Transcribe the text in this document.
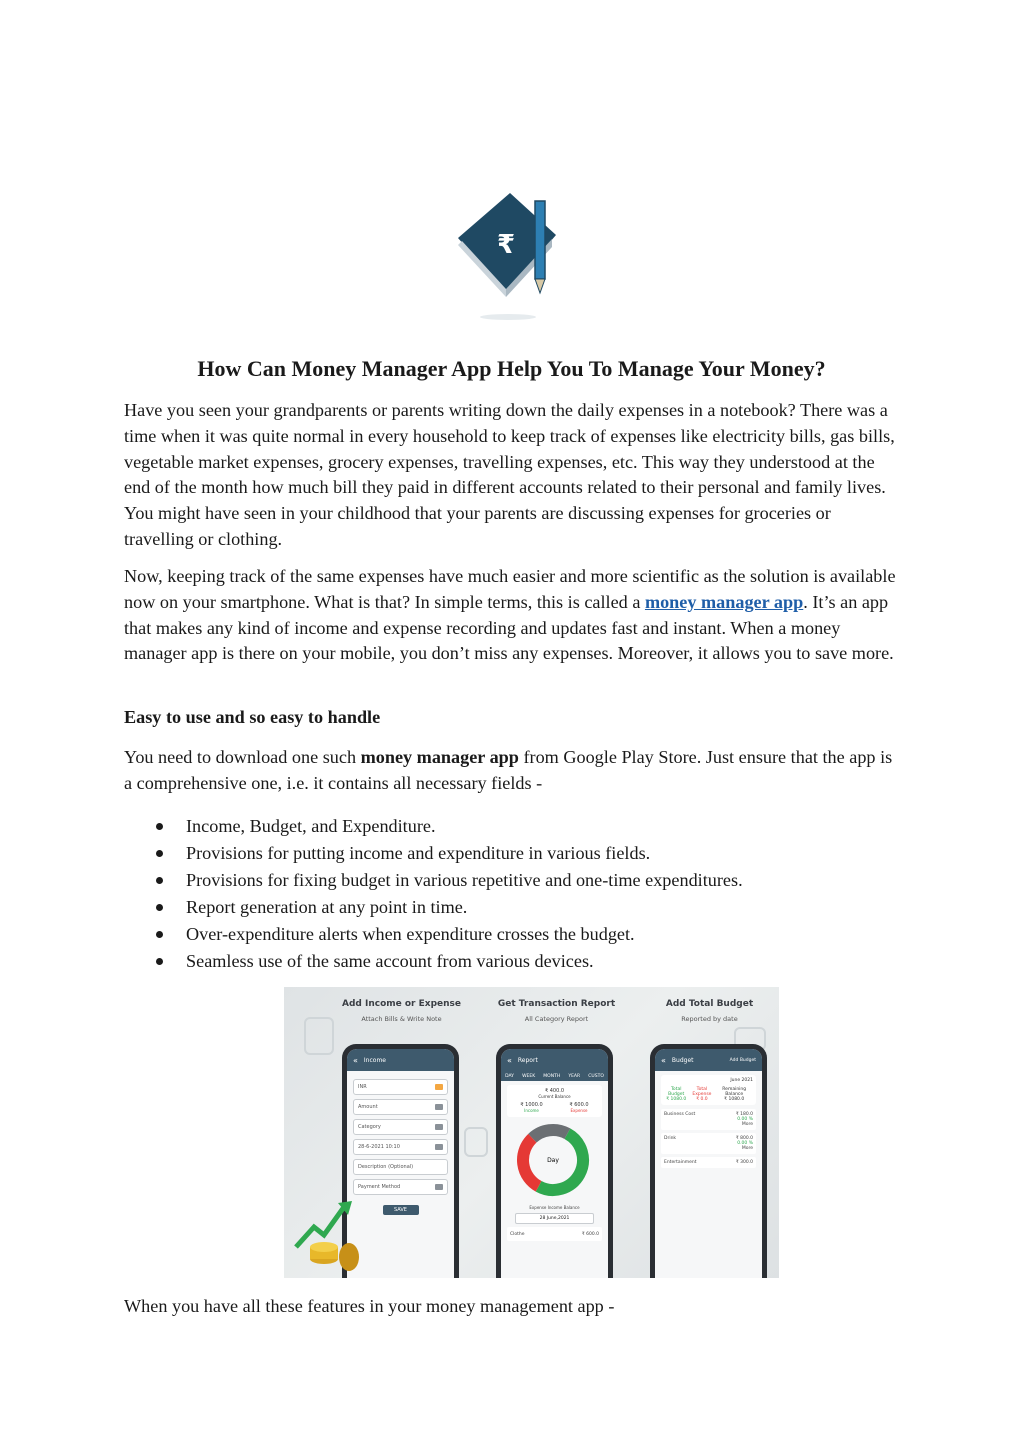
₹
How Can Money Manager App Help You To Manage Your Money?

Have you seen your grandparents or parents writing down the daily expenses in a notebook? There was a time when it was quite normal in every household to keep track of expenses like electricity bills, gas bills, vegetable market expenses, grocery expenses, travelling expenses, etc. This way they understood at the end of the month how much bill they paid in different accounts related to their personal and family lives. You might have seen in your childhood that your parents are discussing expenses for groceries or travelling or clothing.

Now, keeping track of the same expenses have much easier and more scientific as the solution is available now on your smartphone. What is that? In simple terms, this is called a money manager app. It’s an app that makes any kind of income and expense recording and updates fast and instant. When a money manager app is there on your mobile, you don’t miss any expenses. Moreover, it allows you to save more.

Easy to use and so easy to handle

You need to download one such money manager app from Google Play Store. Just ensure that the app is a comprehensive one, i.e. it contains all necessary fields -

Income, Budget, and Expenditure.
Provisions for putting income and expenditure in various fields.
Provisions for fixing budget in various repetitive and one-time expenditures.
Report generation at any point in time.
Over-expenditure alerts when expenditure crosses the budget.
Seamless use of the same account from various devices.
Add Income or Expense
Attach Bills & Write Note
Get Transaction Report
All Category Report
Add Total Budget
Reported by date
« Income
INR
Amount
Category
28-6-2021 10:10
Description (Optional)
Payment Method
SAVE
« Report
DAY WEEK MONTH YEAR CUSTO
₹ 400.0
Current Balance
₹ 1000.0
Income
₹ 600.0
Expense
Day
Expense Income Balance
28 June,2021
Clothe	₹ 600.0
« Budget	Add Budget
June 2021
Total Budget
₹ 1080.0
Total Expense
₹ 0.0
Remaining Balance
₹ 1080.0
Business Cost	₹ 180.0
0.00 %
More
Drink	₹ 800.0
0.00 %
More
Entertainment	₹ 300.0

When you have all these features in your money management app -
